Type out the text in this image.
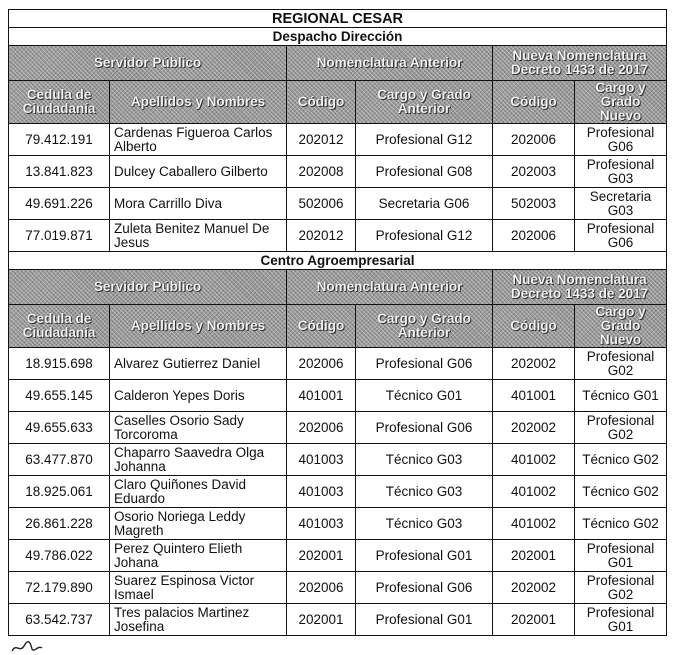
REGIONAL CESAR					
Despacho Dirección					
Servidor Público		Nomenclatura Anterior		Nueva Nomenclatura Decreto 1433 de 2017	
Cedula de Ciudadanía	Apellidos y Nombres	Código	Cargo y Grado Anterior	Código	Cargo y Grado Nuevo
79.412.191	Cardenas Figueroa Carlos Alberto	202012	Profesional G12	202006	Profesional G06
13.841.823	Dulcey Caballero Gilberto	202008	Profesional G08	202003	Profesional G03
49.691.226	Mora Carrillo Diva	502006	Secretaria G06	502003	Secretaria G03
77.019.871	Zuleta Benitez Manuel De Jesus	202012	Profesional G12	202006	Profesional G06
Centro Agroempresarial					
Servidor Público		Nomenclatura Anterior		Nueva Nomenclatura Decreto 1433 de 2017	
Cedula de Ciudadanía	Apellidos y Nombres	Código	Cargo y Grado Anterior	Código	Cargo y Grado Nuevo
18.915.698	Alvarez Gutierrez Daniel	202006	Profesional G06	202002	Profesional G02
49.655.145	Calderon Yepes Doris	401001	Técnico G01	401001	Técnico G01
49.655.633	Caselles Osorio Sady Torcoroma	202006	Profesional G06	202002	Profesional G02
63.477.870	Chaparro Saavedra Olga Johanna	401003	Técnico G03	401002	Técnico G02
18.925.061	Claro Quiñones David Eduardo	401003	Técnico G03	401002	Técnico G02
26.861.228	Osorio Noriega Leddy Magreth	401003	Técnico G03	401002	Técnico G02
49.786.022	Perez Quintero Elieth Johana	202001	Profesional G01	202001	Profesional G01
72.179.890	Suarez Espinosa Victor Ismael	202006	Profesional G06	202002	Profesional G02
63.542.737	Tres palacios Martinez Josefina	202001	Profesional G01	202001	Profesional G01
